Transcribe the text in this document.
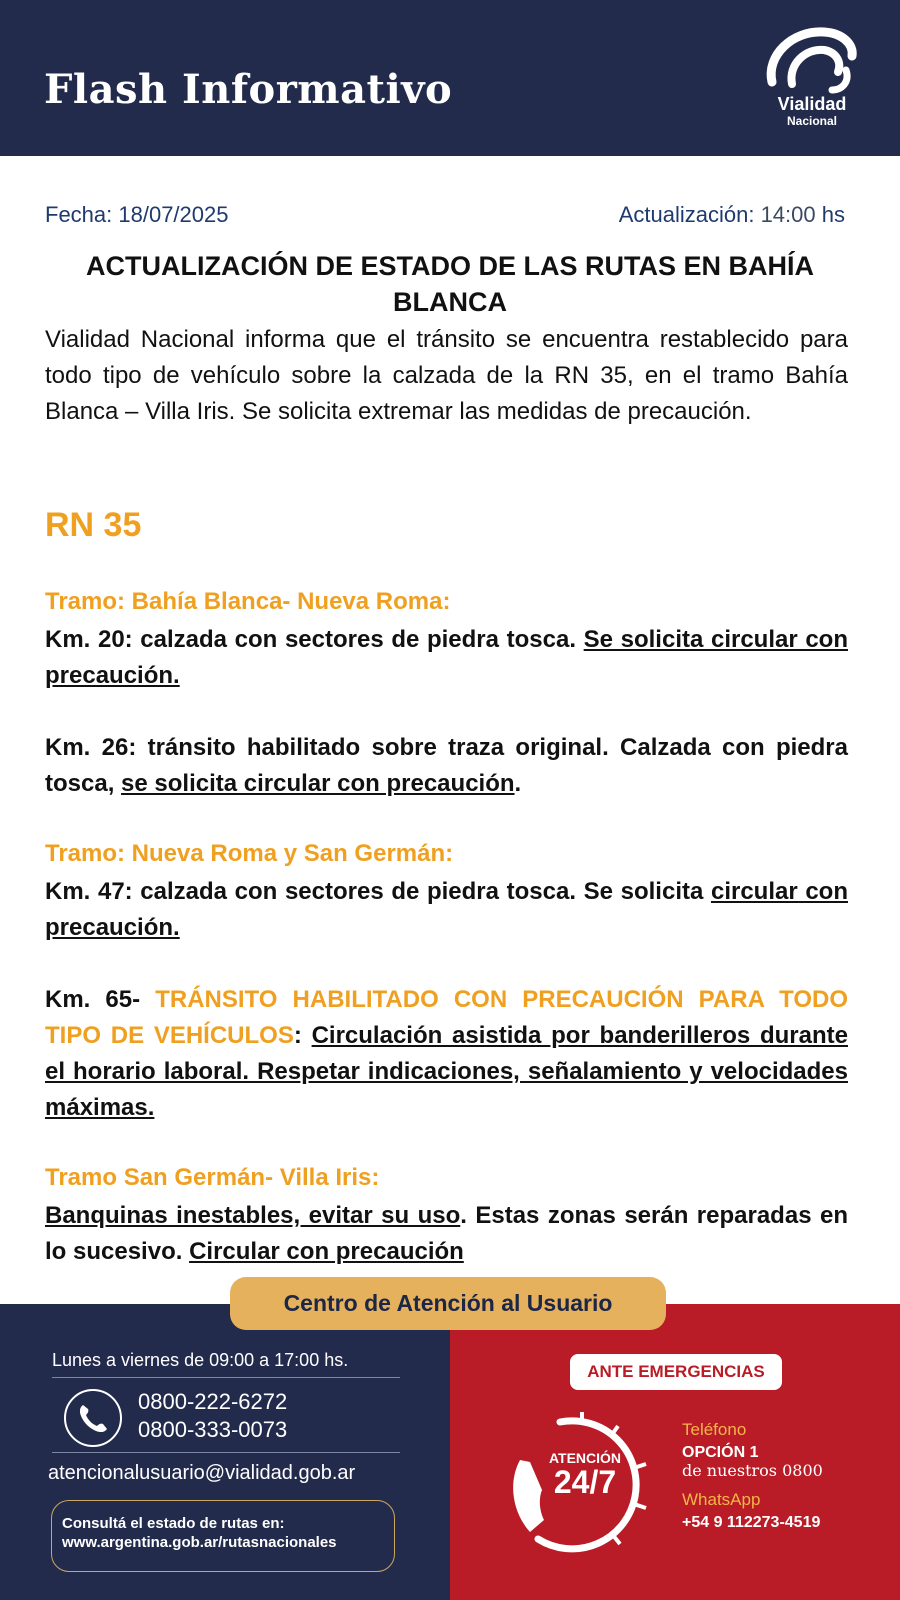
Flash Informativo	Vialidad
Nacional
Fecha: 18/07/2025	Actualización: 14:00 hs
ACTUALIZACIÓN DE ESTADO DE LAS RUTAS EN BAHÍA BLANCA
Vialidad Nacional informa que el tránsito se encuentra restablecido para todo tipo de vehículo sobre la calzada de la RN 35, en el tramo Bahía Blanca – Villa Iris. Se solicita extremar las medidas de precaución.
RN 35
Tramo: Bahía Blanca- Nueva Roma:
Km. 20: calzada con sectores de piedra tosca. Se solicita circular con precaución.
Km. 26: tránsito habilitado sobre traza original. Calzada con piedra tosca, se solicita circular con precaución.
Tramo: Nueva Roma y San Germán:
Km. 47: calzada con sectores de piedra tosca. Se solicita circular con precaución.
Km. 65- TRÁNSITO HABILITADO CON PRECAUCIÓN PARA TODO TIPO DE VEHÍCULOS: Circulación asistida por banderilleros durante el horario laboral. Respetar indicaciones, señalamiento y velocidades máximas.
Tramo San Germán- Villa Iris:
Banquinas inestables, evitar su uso. Estas zonas serán reparadas en lo sucesivo. Circular con precaución
Centro de Atención al Usuario
Lunes a viernes de 09:00 a 17:00 hs.
0800-222-6272
0800-333-0073
atencionalusuario@vialidad.gob.ar
Consultá el estado de rutas en:
www.argentina.gob.ar/rutasnacionales
ANTE EMERGENCIAS
ATENCIÓN
24/7
Teléfono
OPCIÓN 1
de nuestros 0800
WhatsApp
+54 9 112273-4519
